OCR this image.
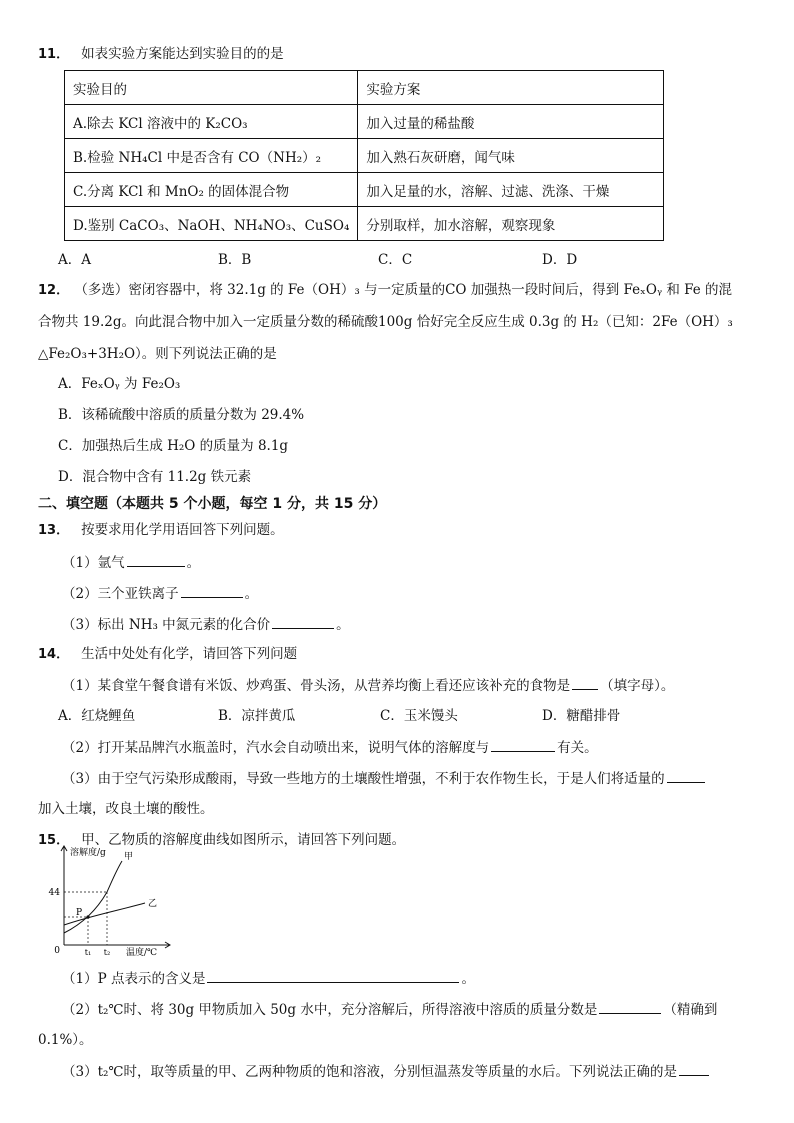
11． 如表实验方案能达到实验目的的是
实验目的	实验方案
A.除去 KCl 溶液中的 K₂CO₃	加入过量的稀盐酸
B.检验 NH₄Cl 中是否含有 CO（NH₂）₂	加入熟石灰研磨，闻气味
C.分离 KCl 和 MnO₂ 的固体混合物	加入足量的水，溶解、过滤、洗涤、干燥
D.鉴别 CaCO₃、NaOH、NH₄NO₃、CuSO₄	分别取样，加水溶解，观察现象
A．A	B．B	C．C	D．D
12． （多选）密闭容器中，将 32.1g 的 Fe（OH）₃ 与一定质量的CO 加强热一段时间后，得到 FeₓOᵧ 和 Fe 的混
合物共 19.2g。向此混合物中加入一定质量分数的稀硫酸100g 恰好完全反应生成 0.3g 的 H₂（已知：2Fe（OH）₃
△Fe₂O₃+3H₂O）。则下列说法正确的是
A．FeₓOᵧ 为 Fe₂O₃
B．该稀硫酸中溶质的质量分数为 29.4%
C．加强热后生成 H₂O 的质量为 8.1g
D．混合物中含有 11.2g 铁元素
二、填空题（本题共 5 个小题，每空 1 分，共 15 分）
13． 按要求用化学用语回答下列问题。
（1）氩气	。
（2）三个亚铁离子	。
（3）标出 NH₃ 中氮元素的化合价	。
14． 生活中处处有化学，请回答下列问题
（1）某食堂午餐食谱有米饭、炒鸡蛋、骨头汤，从营养均衡上看还应该补充的食物是 （填字母）。
A．红烧鲤鱼	B．凉拌黄瓜	C．玉米馒头	D．糖醋排骨
（2）打开某品牌汽水瓶盖时，汽水会自动喷出来，说明气体的溶解度与	有关。
（3）由于空气污染形成酸雨，导致一些地方的土壤酸性增强，不利于农作物生长，于是人们将适量的
加入土壤，改良土壤的酸性。
15． 甲、乙物质的溶解度曲线如图所示，请回答下列问题。
溶解度/g
温度/℃
0
44
t₁ t₂
甲
乙
P
（1）P 点表示的含义是	。
（2）t₂℃时、将 30g 甲物质加入 50g 水中，充分溶解后，所得溶液中溶质的质量分数是	（精确到
0.1%）。
（3）t₂℃时，取等质量的甲、乙两种物质的饱和溶液，分别恒温蒸发等质量的水后。下列说法正确的是
